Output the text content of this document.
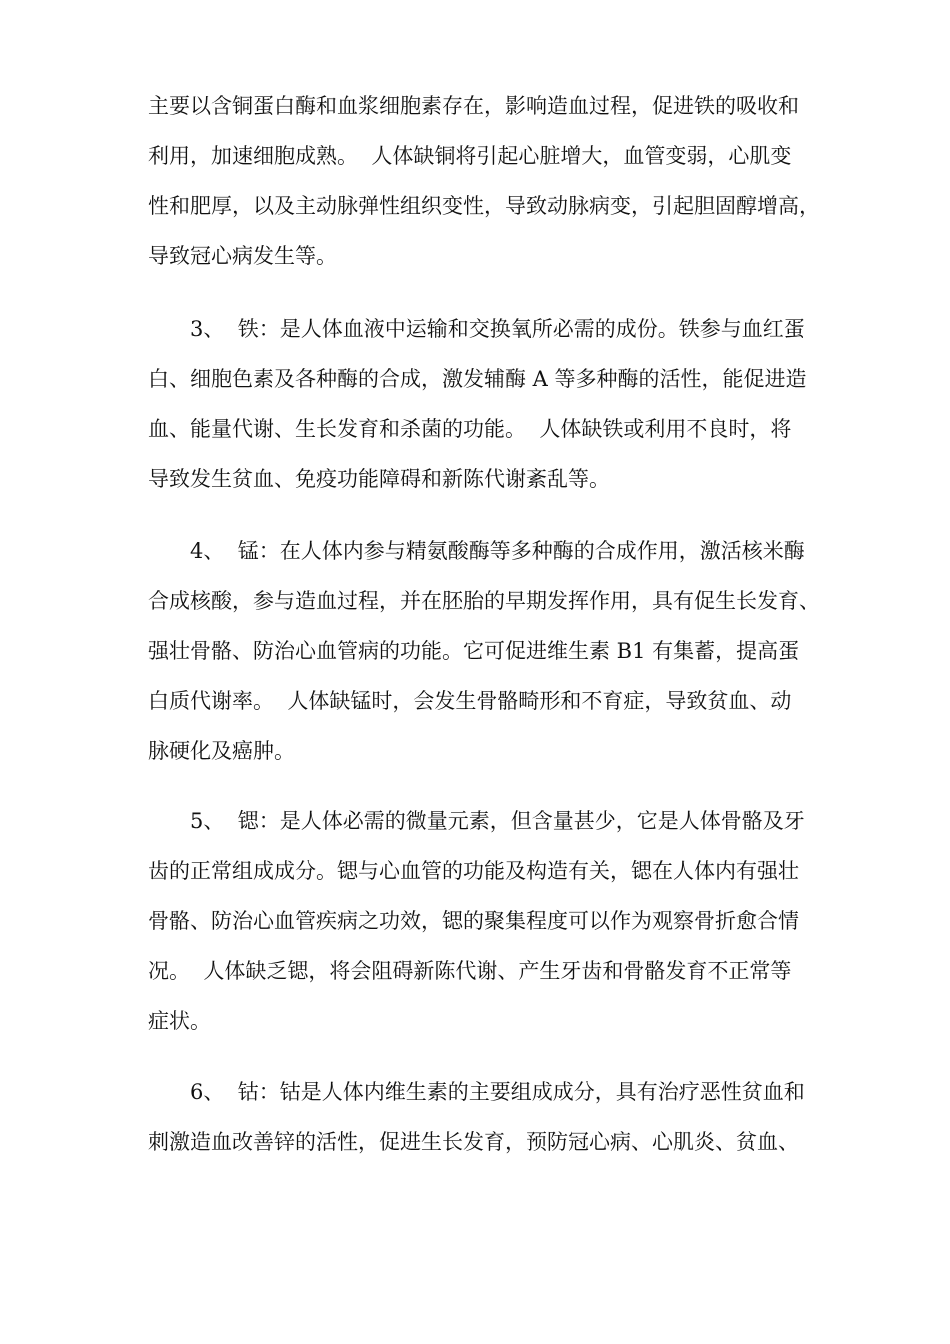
主要以含铜蛋白酶和血浆细胞素存在，影响造血过程，促进铁的吸收和
利用，加速细胞成熟。  人体缺铜将引起心脏增大，血管变弱，心肌变
性和肥厚，以及主动脉弹性组织变性，导致动脉病变，引起胆固醇增高，
导致冠心病发生等。
3、  铁：是人体血液中运输和交换氧所必需的成份。铁参与血红蛋
白、细胞色素及各种酶的合成，激发辅酶 A 等多种酶的活性，能促进造
血、能量代谢、生长发育和杀菌的功能。  人体缺铁或利用不良时，将
导致发生贫血、免疫功能障碍和新陈代谢紊乱等。
4、  锰：在人体内参与精氨酸酶等多种酶的合成作用，激活核米酶
合成核酸，参与造血过程，并在胚胎的早期发挥作用，具有促生长发育、
强壮骨骼、防治心血管病的功能。它可促进维生素 B1 有集蓄，提高蛋
白质代谢率。  人体缺锰时，会发生骨骼畸形和不育症，导致贫血、动
脉硬化及癌肿。
5、  锶：是人体必需的微量元素，但含量甚少，它是人体骨骼及牙
齿的正常组成成分。锶与心血管的功能及构造有关，锶在人体内有强壮
骨骼、防治心血管疾病之功效，锶的聚集程度可以作为观察骨折愈合情
况。  人体缺乏锶，将会阻碍新陈代谢、产生牙齿和骨骼发育不正常等
症状。
6、  钴：钴是人体内维生素的主要组成成分，具有治疗恶性贫血和
刺激造血改善锌的活性，促进生长发育，预防冠心病、心肌炎、贫血、
